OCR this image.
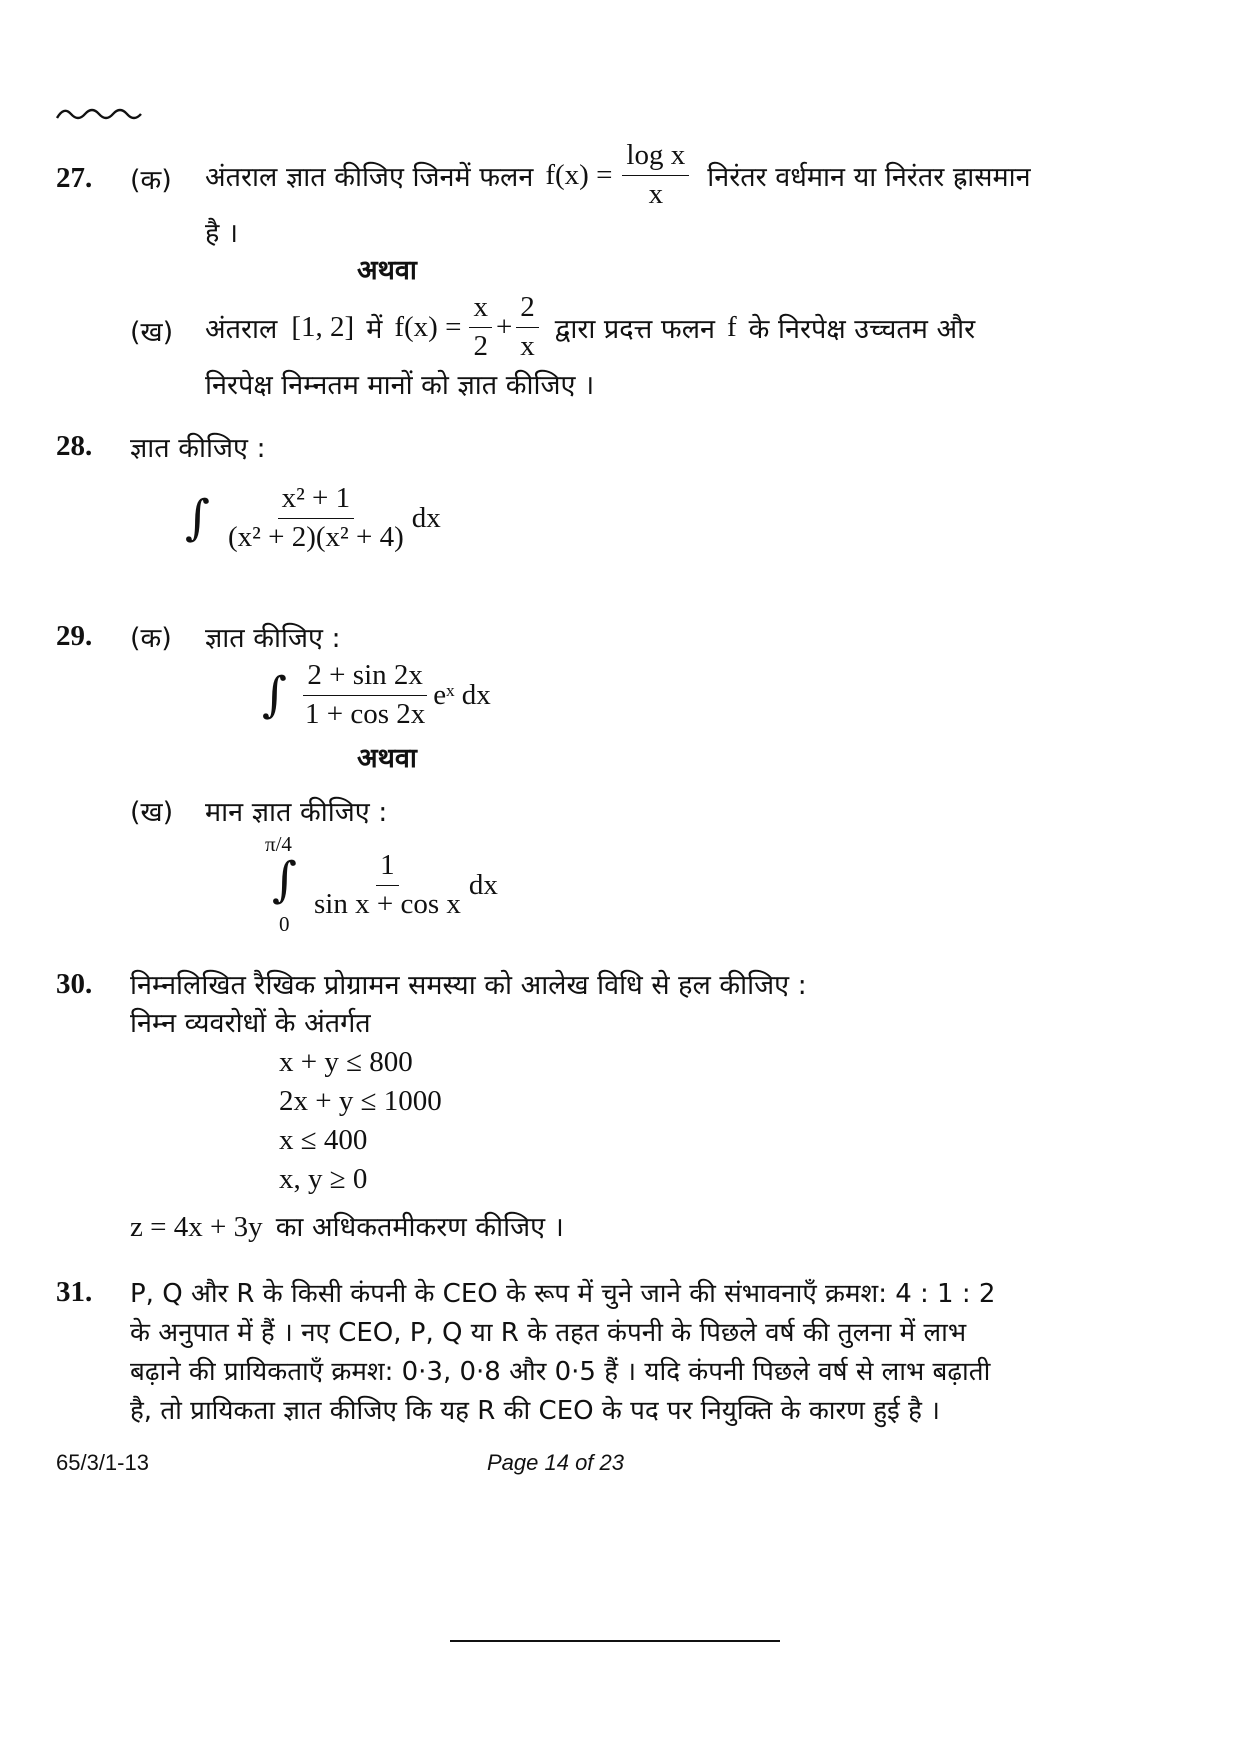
27. (क) अंतराल ज्ञात कीजिए जिनमें फलन $f(x) = \frac{\text{log x}}{x}$ निरंतर वर्धमान या निरंतर ह्रासमान
है ।
अथवा
(ख) अंतराल [1, 2] में $f(x) = \frac{x}{2} + \frac{2}{x}$ द्वारा प्रदत्त फलन f के निरपेक्ष उच्चतम और
निरपेक्ष निम्नतम मानों को ज्ञात कीजिए ।
28. ज्ञात कीजिए :
∫ $\frac{\text{x² + 1}}{\text{(x² + 2)(x² + 4)}}$ dx
29. (क) ज्ञात कीजिए :
∫ $\frac{2 + \sin 2x}{1 + \cos 2x}$ eˣ dx
अथवा
(ख) मान ज्ञात कीजिए :
π/4
∫
0
$\frac{1}{\text{sin x + cos x}}$ dx
30. निम्नलिखित रैखिक प्रोग्रामन समस्या को आलेख विधि से हल कीजिए :
निम्न व्यवरोधों के अंतर्गत
x + y ≤ 800
2x + y ≤ 1000
x ≤ 400
x, y ≥ 0
z = 4x + 3y का अधिकतमीकरण कीजिए ।
31. P, Q और R के किसी कंपनी के CEO के रूप में चुने जाने की संभावनाएँ क्रमश: 4 : 1 : 2
के अनुपात में हैं । नए CEO, P, Q या R के तहत कंपनी के पिछले वर्ष की तुलना में लाभ
बढ़ाने की प्रायिकताएँ क्रमश: 0·3, 0·8 और 0·5 हैं । यदि कंपनी पिछले वर्ष से लाभ बढ़ाती
है, तो प्रायिकता ज्ञात कीजिए कि यह R की CEO के पद पर नियुक्ति के कारण हुई है ।
65/3/1-13	Page 14 of 23
